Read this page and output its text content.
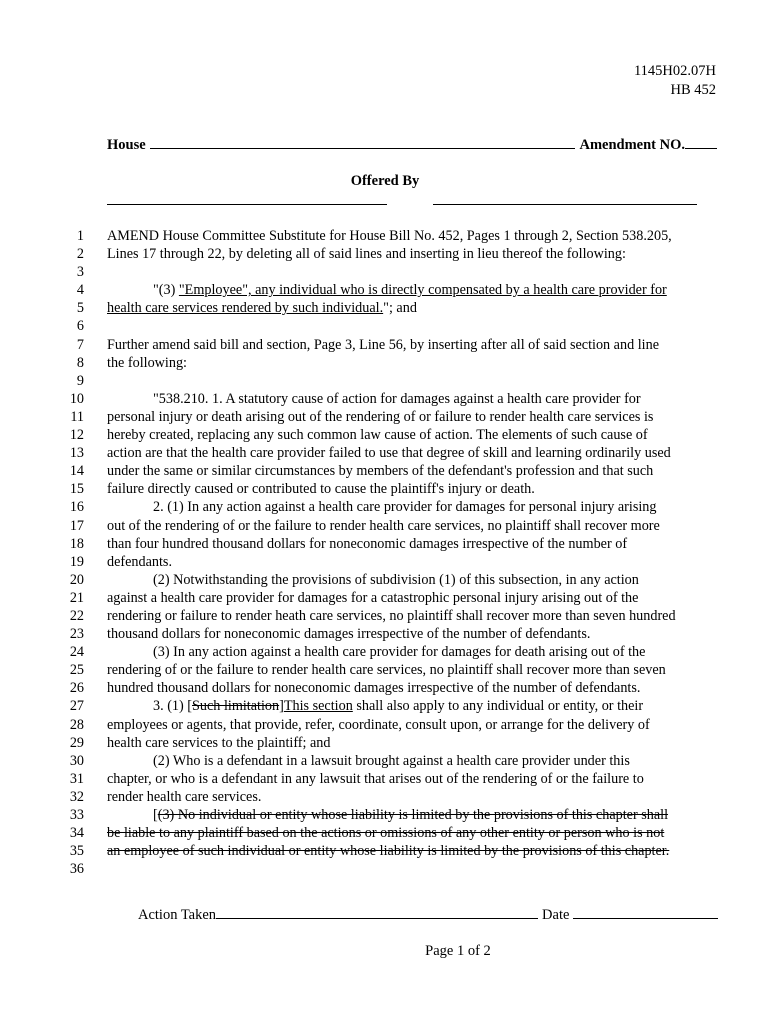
1145H02.07H
HB 452
House	Amendment NO.
Offered By
1 AMEND House Committee Substitute for House Bill No. 452, Pages 1 through 2, Section 538.205,
2 Lines 17 through 22, by deleting all of said lines and inserting in lieu thereof the following:
3
4	"(3) "Employee", any individual who is directly compensated by a health care provider for
5 health care services rendered by such individual."; and
6
7 Further amend said bill and section, Page 3, Line 56, by inserting after all of said section and line
8 the following:
9
10	"538.210. 1. A statutory cause of action for damages against a health care provider for
11 personal injury or death arising out of the rendering of or failure to render health care services is
12 hereby created, replacing any such common law cause of action. The elements of such cause of
13 action are that the health care provider failed to use that degree of skill and learning ordinarily used
14 under the same or similar circumstances by members of the defendant's profession and that such
15 failure directly caused or contributed to cause the plaintiff's injury or death.
16	2. (1) In any action against a health care provider for damages for personal injury arising
17 out of the rendering of or the failure to render health care services, no plaintiff shall recover more
18 than four hundred thousand dollars for noneconomic damages irrespective of the number of
19 defendants.
20	(2) Notwithstanding the provisions of subdivision (1) of this subsection, in any action
21 against a health care provider for damages for a catastrophic personal injury arising out of the
22 rendering or failure to render heath care services, no plaintiff shall recover more than seven hundred
23 thousand dollars for noneconomic damages irrespective of the number of defendants.
24	(3) In any action against a health care provider for damages for death arising out of the
25 rendering of or the failure to render health care services, no plaintiff shall recover more than seven
26 hundred thousand dollars for noneconomic damages irrespective of the number of defendants.
27	3. (1) [Such limitation]This section shall also apply to any individual or entity, or their
28 employees or agents, that provide, refer, coordinate, consult upon, or arrange for the delivery of
29 health care services to the plaintiff; and
30	(2) Who is a defendant in a lawsuit brought against a health care provider under this
31 chapter, or who is a defendant in any lawsuit that arises out of the rendering of or the failure to
32 render health care services.
33	[(3) No individual or entity whose liability is limited by the provisions of this chapter shall
34 be liable to any plaintiff based on the actions or omissions of any other entity or person who is not
35 an employee of such individual or entity whose liability is limited by the provisions of this chapter.
36
Action Taken	Date
Page 1 of 2
